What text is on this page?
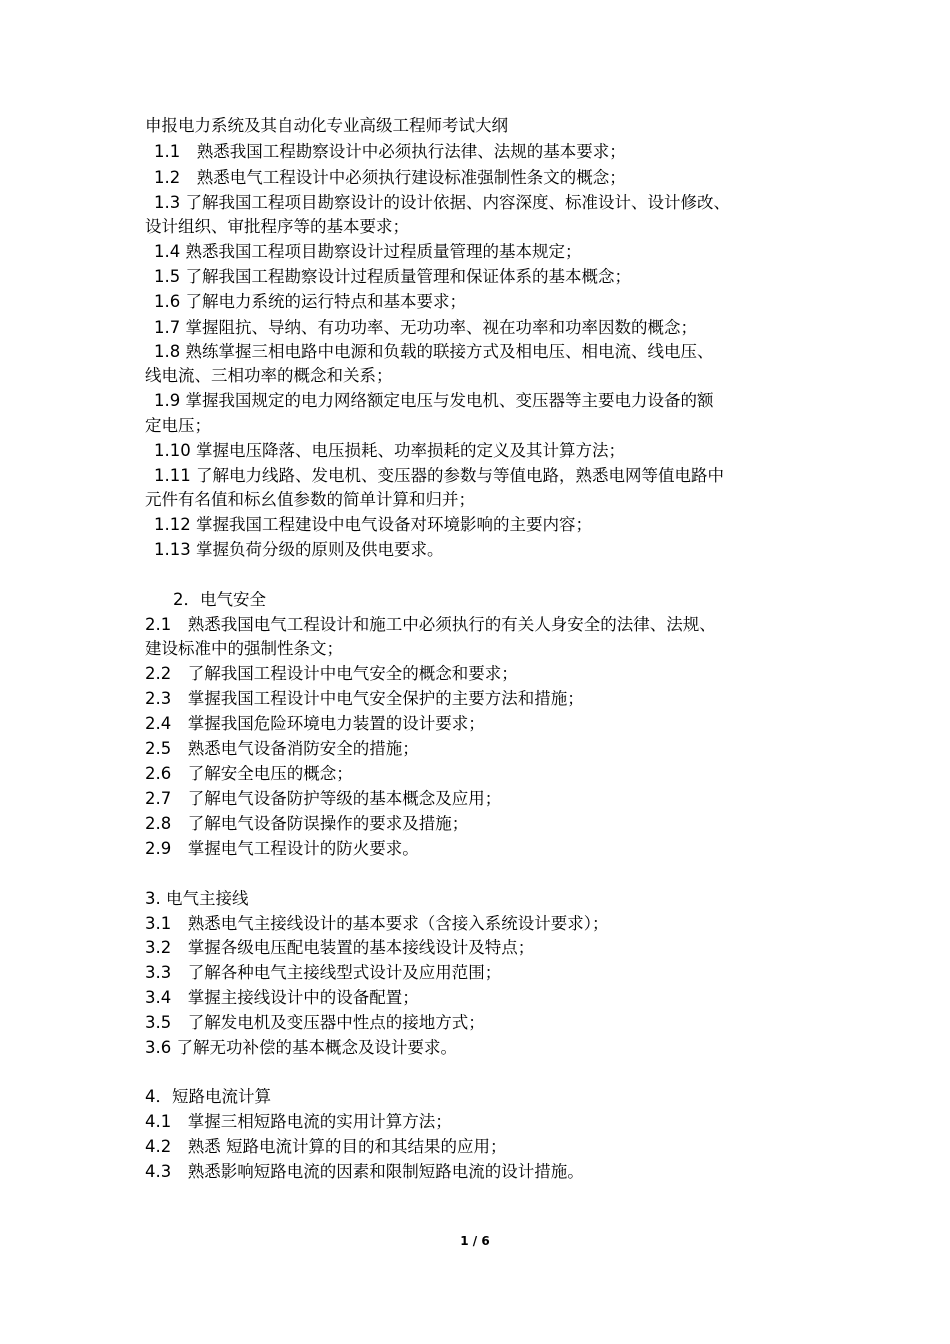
申报电力系统及其自动化专业高级工程师考试大纲
1.1　熟悉我国工程勘察设计中必须执行法律、法规的基本要求；
1.2　熟悉电气工程设计中必须执行建设标准强制性条文的概念；
1.3 了解我国工程项目勘察设计的设计依据、内容深度、标准设计、设计修改、
设计组织、审批程序等的基本要求；
1.4 熟悉我国工程项目勘察设计过程质量管理的基本规定；
1.5 了解我国工程勘察设计过程质量管理和保证体系的基本概念；
1.6 了解电力系统的运行特点和基本要求；
1.7 掌握阻抗、导纳、有功功率、无功功率、视在功率和功率因数的概念；
1.8 熟练掌握三相电路中电源和负载的联接方式及相电压、相电流、线电压、
线电流、三相功率的概念和关系；
1.9 掌握我国规定的电力网络额定电压与发电机、变压器等主要电力设备的额
定电压；
1.10 掌握电压降落、电压损耗、功率损耗的定义及其计算方法；
1.11 了解电力线路、发电机、变压器的参数与等值电路，熟悉电网等值电路中
元件有名值和标幺值参数的简单计算和归并；
1.12 掌握我国工程建设中电气设备对环境影响的主要内容；
1.13 掌握负荷分级的原则及供电要求。
2．电气安全
2.1　熟悉我国电气工程设计和施工中必须执行的有关人身安全的法律、法规、
建设标准中的强制性条文；
2.2　了解我国工程设计中电气安全的概念和要求；
2.3　掌握我国工程设计中电气安全保护的主要方法和措施；
2.4　掌握我国危险环境电力装置的设计要求；
2.5　熟悉电气设备消防安全的措施；
2.6　了解安全电压的概念；
2.7　了解电气设备防护等级的基本概念及应用；
2.8　了解电气设备防误操作的要求及措施；
2.9　掌握电气工程设计的防火要求。
3. 电气主接线
3.1　熟悉电气主接线设计的基本要求（含接入系统设计要求）；
3.2　掌握各级电压配电装置的基本接线设计及特点；
3.3　了解各种电气主接线型式设计及应用范围；
3.4　掌握主接线设计中的设备配置；
3.5　了解发电机及变压器中性点的接地方式；
3.6 了解无功补偿的基本概念及设计要求。
4．短路电流计算
4.1　掌握三相短路电流的实用计算方法；
4.2　熟悉 短路电流计算的目的和其结果的应用；
4.3　熟悉影响短路电流的因素和限制短路电流的设计措施。
1 / 6
